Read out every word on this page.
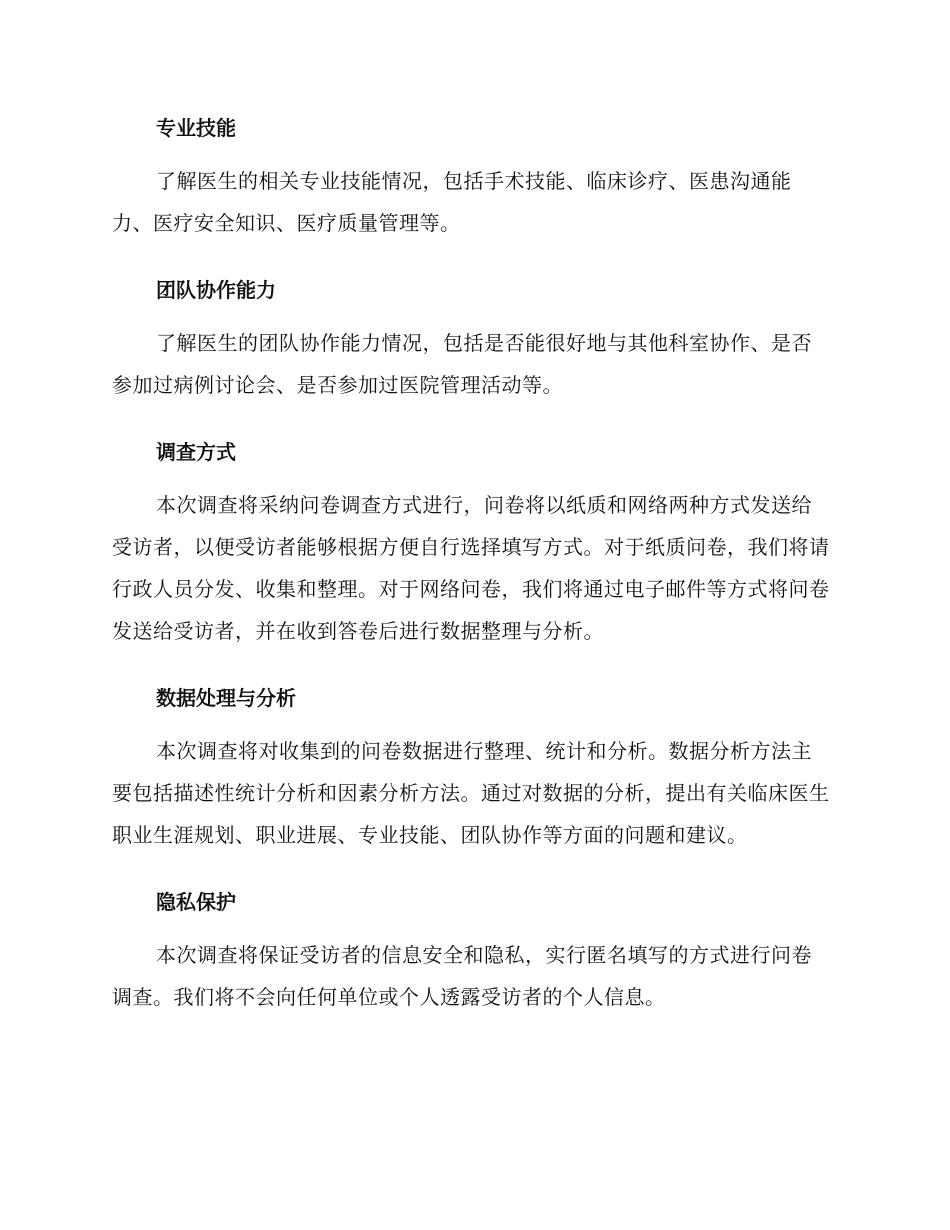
专业技能

了解医生的相关专业技能情况，包括手术技能、临床诊疗、医患沟通能力、医疗安全知识、医疗质量管理等。

团队协作能力

了解医生的团队协作能力情况，包括是否能很好地与其他科室协作、是否参加过病例讨论会、是否参加过医院管理活动等。

调查方式

本次调查将采纳问卷调查方式进行，问卷将以纸质和网络两种方式发送给受访者，以便受访者能够根据方便自行选择填写方式。对于纸质问卷，我们将请行政人员分发、收集和整理。对于网络问卷，我们将通过电子邮件等方式将问卷发送给受访者，并在收到答卷后进行数据整理与分析。

数据处理与分析

本次调查将对收集到的问卷数据进行整理、统计和分析。数据分析方法主要包括描述性统计分析和因素分析方法。通过对数据的分析，提出有关临床医生职业生涯规划、职业进展、专业技能、团队协作等方面的问题和建议。

隐私保护

本次调查将保证受访者的信息安全和隐私，实行匿名填写的方式进行问卷调查。我们将不会向任何单位或个人透露受访者的个人信息。
